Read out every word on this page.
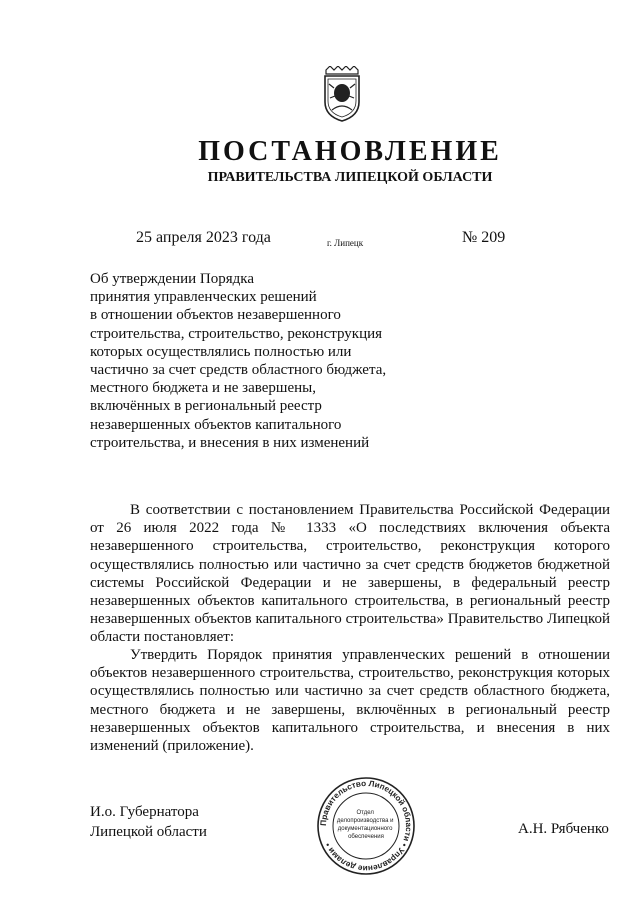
ПОСТАНОВЛЕНИЕ
ПРАВИТЕЛЬСТВА ЛИПЕЦКОЙ ОБЛАСТИ
25 апреля 2023 года	г. Липецк	№ 209
Об утверждении Порядка
принятия управленческих решений
в отношении объектов незавершенного
строительства, строительство, реконструкция
которых осуществлялись полностью или
частично за счет средств областного бюджета,
местного бюджета и не завершены,
включённых в региональный реестр
незавершенных объектов капитального
строительства, и внесения в них изменений

В соответствии с постановлением Правительства Российской Федерации от 26 июля 2022 года № 1333 «О последствиях включения объекта незавершенного строительства, строительство, реконструкция которого осуществлялись полностью или частично за счет средств бюджетов бюджетной системы Российской Федерации и не завершены, в федеральный реестр незавершенных объектов капитального строительства, в региональный реестр незавершенных объектов капитального строительства» Правительство Липецкой области постановляет:

Утвердить Порядок принятия управленческих решений в отношении объектов незавершенного строительства, строительство, реконструкция которых осуществлялись полностью или частично за счет средств областного бюджета, местного бюджета и не завершены, включённых в региональный реестр незавершенных объектов капитального строительства, и внесения в них изменений (приложение).

И.о. Губернатора
Липецкой области	А.Н. Рябченко
Правительство Липецкой области • Управление делами •
Отдел делопроизводства и документационного обеспечения
